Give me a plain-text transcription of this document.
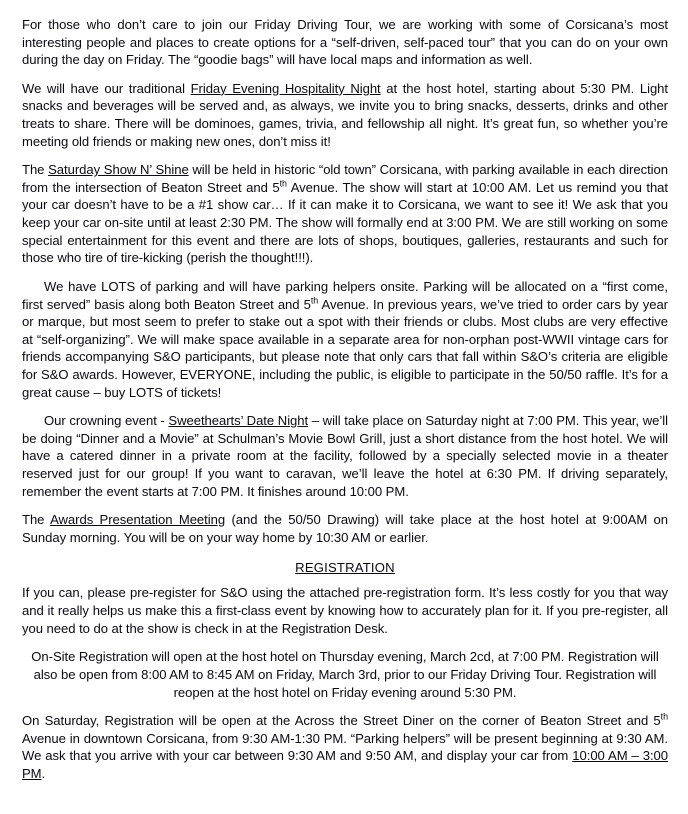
For those who don’t care to join our Friday Driving Tour, we are working with some of Corsicana’s most interesting people and places to create options for a “self-driven, self-paced tour” that you can do on your own during the day on Friday. The “goodie bags” will have local maps and information as well.

We will have our traditional Friday Evening Hospitality Night at the host hotel, starting about 5:30 PM. Light snacks and beverages will be served and, as always, we invite you to bring snacks, desserts, drinks and other treats to share. There will be dominoes, games, trivia, and fellowship all night. It’s great fun, so whether you’re meeting old friends or making new ones, don’t miss it!

The Saturday Show N’ Shine will be held in historic “old town” Corsicana, with parking available in each direction from the intersection of Beaton Street and 5th Avenue. The show will start at 10:00 AM. Let us remind you that your car doesn’t have to be a #1 show car… If it can make it to Corsicana, we want to see it! We ask that you keep your car on-site until at least 2:30 PM. The show will formally end at 3:00 PM. We are still working on some special entertainment for this event and there are lots of shops, boutiques, galleries, restaurants and such for those who tire of tire-kicking (perish the thought!!!).

We have LOTS of parking and will have parking helpers onsite. Parking will be allocated on a “first come, first served” basis along both Beaton Street and 5th Avenue. In previous years, we’ve tried to order cars by year or marque, but most seem to prefer to stake out a spot with their friends or clubs. Most clubs are very effective at “self-organizing”. We will make space available in a separate area for non-orphan post-WWII vintage cars for friends accompanying S&O participants, but please note that only cars that fall within S&O’s criteria are eligible for S&O awards. However, EVERYONE, including the public, is eligible to participate in the 50/50 raffle. It’s for a great cause – buy LOTS of tickets!

Our crowning event - Sweethearts’ Date Night – will take place on Saturday night at 7:00 PM. This year, we’ll be doing “Dinner and a Movie” at Schulman’s Movie Bowl Grill, just a short distance from the host hotel. We will have a catered dinner in a private room at the facility, followed by a specially selected movie in a theater reserved just for our group! If you want to caravan, we’ll leave the hotel at 6:30 PM. If driving separately, remember the event starts at 7:00 PM. It finishes around 10:00 PM.

The Awards Presentation Meeting (and the 50/50 Drawing) will take place at the host hotel at 9:00AM on Sunday morning. You will be on your way home by 10:30 AM or earlier.

REGISTRATION

If you can, please pre-register for S&O using the attached pre-registration form. It’s less costly for you that way and it really helps us make this a first-class event by knowing how to accurately plan for it. If you pre-register, all you need to do at the show is check in at the Registration Desk.

On-Site Registration will open at the host hotel on Thursday evening, March 2cd, at 7:00 PM. Registration will also be open from 8:00 AM to 8:45 AM on Friday, March 3rd, prior to our Friday Driving Tour. Registration will reopen at the host hotel on Friday evening around 5:30 PM.

On Saturday, Registration will be open at the Across the Street Diner on the corner of Beaton Street and 5th Avenue in downtown Corsicana, from 9:30 AM-1:30 PM. “Parking helpers” will be present beginning at 9:30 AM. We ask that you arrive with your car between 9:30 AM and 9:50 AM, and display your car from 10:00 AM – 3:00 PM.
